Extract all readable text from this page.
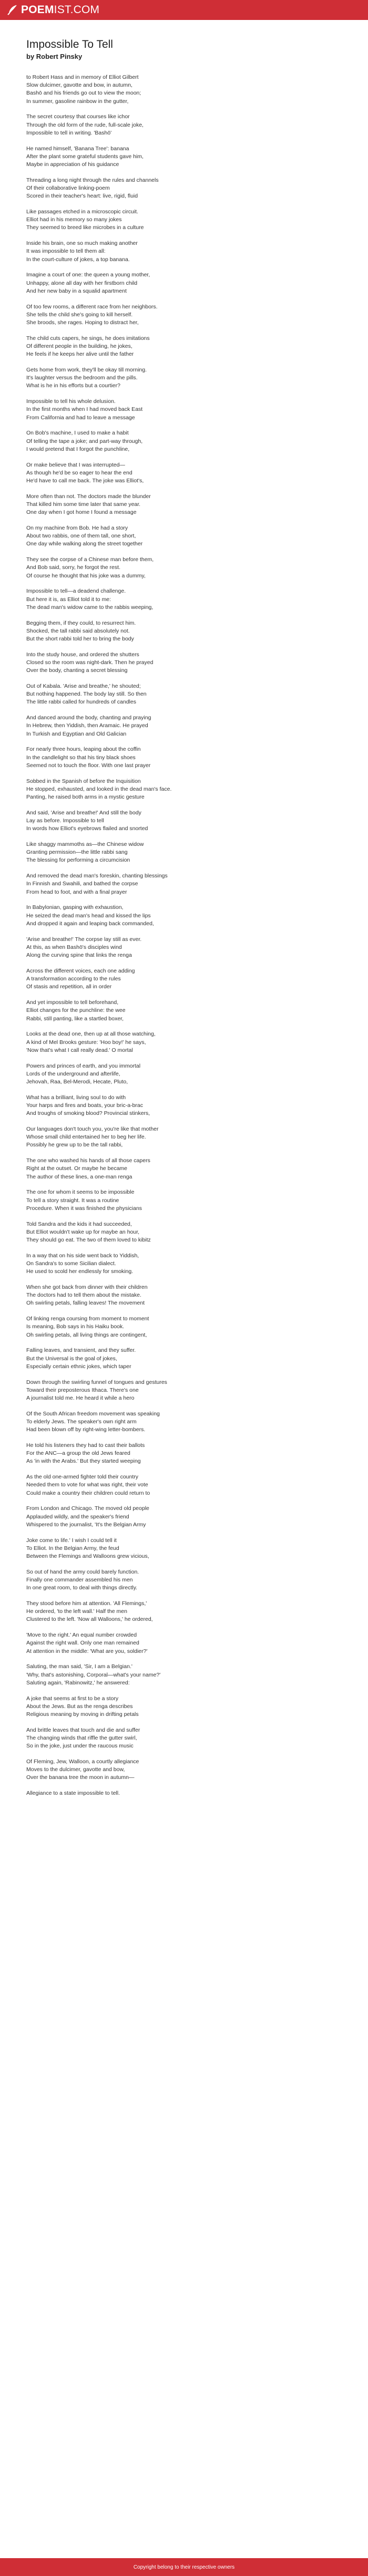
POEMIST.COM
Impossible To Tell
by Robert Pinsky

to Robert Hass and in memory of Elliot Gilbert
Slow dulcimer, gavotte and bow, in autumn,
Bashō and his friends go out to view the moon;
In summer, gasoline rainbow in the gutter,

The secret courtesy that courses like ichor
Through the old form of the rude, full-scale joke,
Impossible to tell in writing. 'Bashō'

He named himself, 'Banana Tree': banana
After the plant some grateful students gave him,
Maybe in appreciation of his guidance

Threading a long night through the rules and channels
Of their collaborative linking-poem
Scored in their teacher's heart: live, rigid, fluid

Like passages etched in a microscopic circuit.
Elliot had in his memory so many jokes
They seemed to breed like microbes in a culture

Inside his brain, one so much making another
It was impossible to tell them all:
In the court-culture of jokes, a top banana.

Imagine a court of one: the queen a young mother,
Unhappy, alone all day with her firstborn child
And her new baby in a squalid apartment

Of too few rooms, a different race from her neighbors.
She tells the child she's going to kill herself.
She broods, she rages. Hoping to distract her,

The child cuts capers, he sings, he does imitations
Of different people in the building, he jokes,
He feels if he keeps her alive until the father

Gets home from work, they'll be okay till morning.
It's laughter versus the bedroom and the pills.
What is he in his efforts but a courtier?

Impossible to tell his whole delusion.
In the first months when I had moved back East
From California and had to leave a message

On Bob's machine, I used to make a habit
Of telling the tape a joke; and part-way through,
I would pretend that I forgot the punchline,

Or make believe that I was interrupted—
As though he'd be so eager to hear the end
He'd have to call me back. The joke was Elliot's,

More often than not. The doctors made the blunder
That killed him some time later that same year.
One day when I got home I found a message

On my machine from Bob. He had a story
About two rabbis, one of them tall, one short,
One day while walking along the street together

They see the corpse of a Chinese man before them,
And Bob said, sorry, he forgot the rest.
Of course he thought that his joke was a dummy,

Impossible to tell—a deadend challenge.
But here it is, as Elliot told it to me:
The dead man's widow came to the rabbis weeping,

Begging them, if they could, to resurrect him.
Shocked, the tall rabbi said absolutely not.
But the short rabbi told her to bring the body

Into the study house, and ordered the shutters
Closed so the room was night-dark. Then he prayed
Over the body, chanting a secret blessing

Out of Kabala. 'Arise and breathe,' he shouted;
But nothing happened. The body lay still. So then
The little rabbi called for hundreds of candles

And danced around the body, chanting and praying
In Hebrew, then Yiddish, then Aramaic. He prayed
In Turkish and Egyptian and Old Galician

For nearly three hours, leaping about the coffin
In the candlelight so that his tiny black shoes
Seemed not to touch the floor. With one last prayer

Sobbed in the Spanish of before the Inquisition
He stopped, exhausted, and looked in the dead man's face.
Panting, he raised both arms in a mystic gesture

And said, 'Arise and breathe!' And still the body
Lay as before. Impossible to tell
In words how Elliot's eyebrows flailed and snorted

Like shaggy mammoths as—the Chinese widow
Granting permission—the little rabbi sang
The blessing for performing a circumcision

And removed the dead man's foreskin, chanting blessings
In Finnish and Swahili, and bathed the corpse
From head to foot, and with a final prayer

In Babylonian, gasping with exhaustion,
He seized the dead man's head and kissed the lips
And dropped it again and leaping back commanded,

'Arise and breathe!' The corpse lay still as ever.
At this, as when Bashō's disciples wind
Along the curving spine that links the renga

Across the different voices, each one adding
A transformation according to the rules
Of stasis and repetition, all in order

And yet impossible to tell beforehand,
Elliot changes for the punchline: the wee
Rabbi, still panting, like a startled boxer,

Looks at the dead one, then up at all those watching,
A kind of Mel Brooks gesture: 'Hoo boy!' he says,
'Now that's what I call really dead.' O mortal

Powers and princes of earth, and you immortal
Lords of the underground and afterlife,
Jehovah, Raa, Bel-Merodi, Hecate, Pluto,

What has a brilliant, living soul to do with
Your harps and fires and boats, your bric-a-brac
And troughs of smoking blood? Provincial stinkers,

Our languages don't touch you, you're like that mother
Whose small child entertained her to beg her life.
Possibly he grew up to be the tall rabbi,

The one who washed his hands of all those capers
Right at the outset. Or maybe he became
The author of these lines, a one-man renga

The one for whom it seems to be impossible
To tell a story straight. It was a routine
Procedure. When it was finished the physicians

Told Sandra and the kids it had succeeded,
But Elliot wouldn't wake up for maybe an hour,
They should go eat. The two of them loved to kibitz

In a way that on his side went back to Yiddish,
On Sandra's to some Sicilian dialect.
He used to scold her endlessly for smoking.

When she got back from dinner with their children
The doctors had to tell them about the mistake.
Oh swirling petals, falling leaves! The movement

Of linking renga coursing from moment to moment
Is meaning, Bob says in his Haiku book.
Oh swirling petals, all living things are contingent,

Falling leaves, and transient, and they suffer.
But the Universal is the goal of jokes,
Especially certain ethnic jokes, which taper

Down through the swirling funnel of tongues and gestures
Toward their preposterous Ithaca. There's one
A journalist told me. He heard it while a hero

Of the South African freedom movement was speaking
To elderly Jews. The speaker's own right arm
Had been blown off by right-wing letter-bombers.

He told his listeners they had to cast their ballots
For the ANC—a group the old Jews feared
As 'in with the Arabs.' But they started weeping

As the old one-armed fighter told their country
Needed them to vote for what was right, their vote
Could make a country their children could return to

From London and Chicago. The moved old people
Applauded wildly, and the speaker's friend
Whispered to the journalist, 'It's the Belgian Army

Joke come to life.' I wish I could tell it
To Elliot. In the Belgian Army, the feud
Between the Flemings and Walloons grew vicious,

So out of hand the army could barely function.
Finally one commander assembled his men
In one great room, to deal with things directly.

They stood before him at attention. 'All Flemings,'
He ordered, 'to the left wall.' Half the men
Clustered to the left. 'Now all Walloons,' he ordered,

'Move to the right.' An equal number crowded
Against the right wall. Only one man remained
At attention in the middle: 'What are you, soldier?'

Saluting, the man said, 'Sir, I am a Belgian.'
'Why, that's astonishing, Corporal—what's your name?'
Saluting again, 'Rabinowitz,' he answered:

A joke that seems at first to be a story
About the Jews. But as the renga describes
Religious meaning by moving in drifting petals

And brittle leaves that touch and die and suffer
The changing winds that riffle the gutter swirl,
So in the joke, just under the raucous music

Of Fleming, Jew, Walloon, a courtly allegiance
Moves to the dulcimer, gavotte and bow,
Over the banana tree the moon in autumn—

Allegiance to a state impossible to tell.

Copyright belong to their respective owners
